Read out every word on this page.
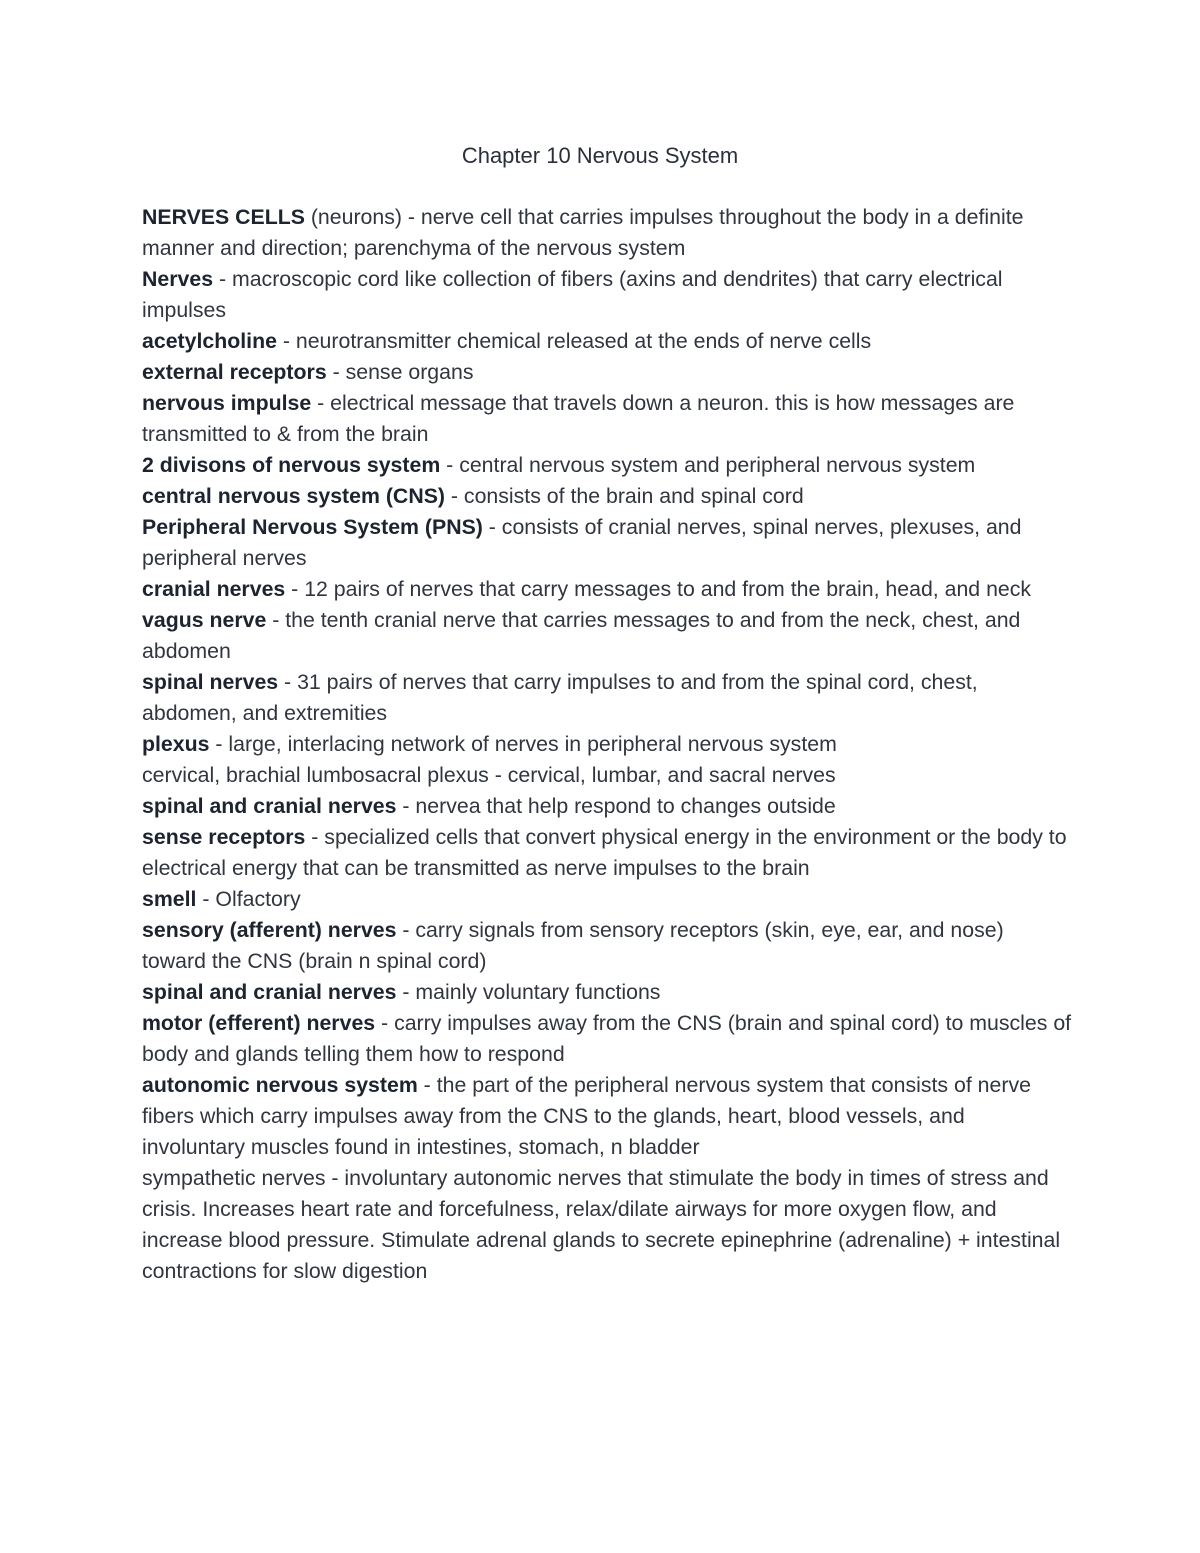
Chapter 10 Nervous System

NERVES CELLS (neurons) - nerve cell that carries impulses throughout the body in a definite manner and direction; parenchyma of the nervous system

Nerves - macroscopic cord like collection of fibers (axins and dendrites) that carry electrical impulses

acetylcholine - neurotransmitter chemical released at the ends of nerve cells

external receptors - sense organs

nervous impulse - electrical message that travels down a neuron. this is how messages are transmitted to & from the brain

2 divisons of nervous system - central nervous system and peripheral nervous system

central nervous system (CNS) - consists of the brain and spinal cord

Peripheral Nervous System (PNS) - consists of cranial nerves, spinal nerves, plexuses, and peripheral nerves

cranial nerves - 12 pairs of nerves that carry messages to and from the brain, head, and neck

vagus nerve - the tenth cranial nerve that carries messages to and from the neck, chest, and abdomen

spinal nerves - 31 pairs of nerves that carry impulses to and from the spinal cord, chest, abdomen, and extremities

plexus - large, interlacing network of nerves in peripheral nervous system

cervical, brachial lumbosacral plexus - cervical, lumbar, and sacral nerves

spinal and cranial nerves - nervea that help respond to changes outside

sense receptors - specialized cells that convert physical energy in the environment or the body to electrical energy that can be transmitted as nerve impulses to the brain

smell - Olfactory

sensory (afferent) nerves - carry signals from sensory receptors (skin, eye, ear, and nose) toward the CNS (brain n spinal cord)

spinal and cranial nerves - mainly voluntary functions

motor (efferent) nerves - carry impulses away from the CNS (brain and spinal cord) to muscles of body and glands telling them how to respond

autonomic nervous system - the part of the peripheral nervous system that consists of nerve fibers which carry impulses away from the CNS to the glands, heart, blood vessels, and involuntary muscles found in intestines, stomach, n bladder

sympathetic nerves - involuntary autonomic nerves that stimulate the body in times of stress and crisis. Increases heart rate and forcefulness, relax/dilate airways for more oxygen flow, and increase blood pressure. Stimulate adrenal glands to secrete epinephrine (adrenaline) + intestinal contractions for slow digestion
